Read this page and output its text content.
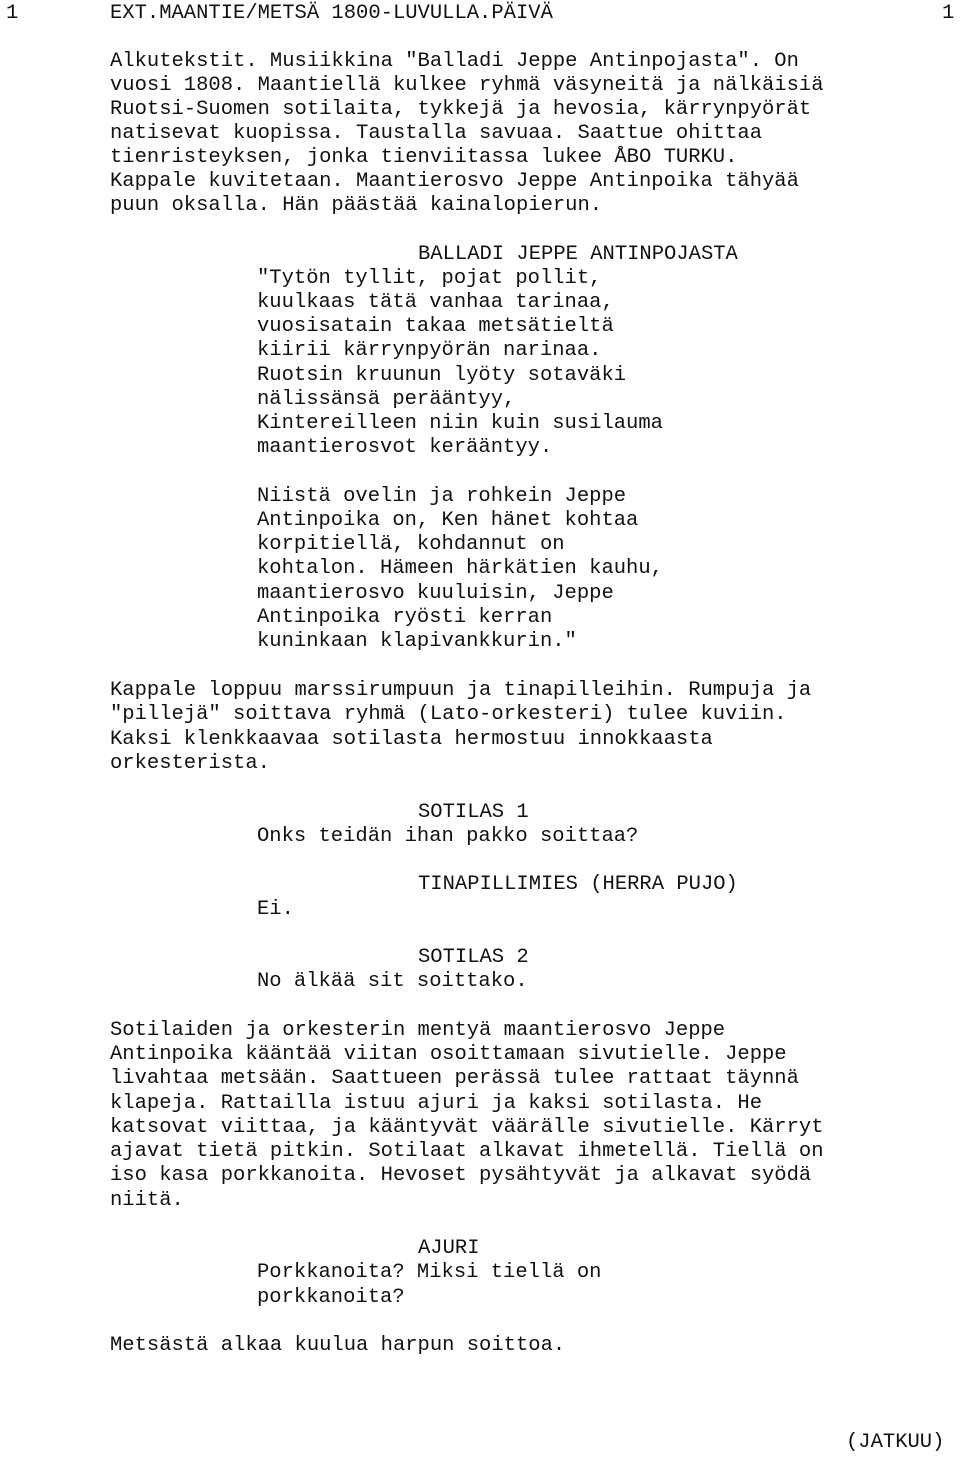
1	EXT.MAANTIE/METSÄ 1800-LUVULLA.PÄIVÄ	1
Alkutekstit. Musiikkina "Balladi Jeppe Antinpojasta". On
vuosi 1808. Maantiellä kulkee ryhmä väsyneitä ja nälkäisiä
Ruotsi-Suomen sotilaita, tykkejä ja hevosia, kärrynpyörät
natisevat kuopissa. Taustalla savuaa. Saattue ohittaa
tienristeyksen, jonka tienviitassa lukee ÅBO TURKU.
Kappale kuvitetaan. Maantierosvo Jeppe Antinpoika tähyää
puun oksalla. Hän päästää kainalopierun.
BALLADI JEPPE ANTINPOJASTA
"Tytön tyllit, pojat pollit,
kuulkaas tätä vanhaa tarinaa,
vuosisatain takaa metsätieltä
kiirii kärrynpyörän narinaa.
Ruotsin kruunun lyöty sotaväki
nälissänsä perääntyy,
Kintereilleen niin kuin susilauma
maantierosvot kerääntyy.
Niistä ovelin ja rohkein Jeppe
Antinpoika on, Ken hänet kohtaa
korpitiellä, kohdannut on
kohtalon. Hämeen härkätien kauhu,
maantierosvo kuuluisin, Jeppe
Antinpoika ryösti kerran
kuninkaan klapivankkurin."
Kappale loppuu marssirumpuun ja tinapilleihin. Rumpuja ja
"pillejä" soittava ryhmä (Lato-orkesteri) tulee kuviin.
Kaksi klenkkaavaa sotilasta hermostuu innokkaasta
orkesterista.
SOTILAS 1
Onks teidän ihan pakko soittaa?
TINAPILLIMIES (HERRA PUJO)
Ei.
SOTILAS 2
No älkää sit soittako.
Sotilaiden ja orkesterin mentyä maantierosvo Jeppe
Antinpoika kääntää viitan osoittamaan sivutielle. Jeppe
livahtaa metsään. Saattueen perässä tulee rattaat täynnä
klapeja. Rattailla istuu ajuri ja kaksi sotilasta. He
katsovat viittaa, ja kääntyvät väärälle sivutielle. Kärryt
ajavat tietä pitkin. Sotilaat alkavat ihmetellä. Tiellä on
iso kasa porkkanoita. Hevoset pysähtyvät ja alkavat syödä
niitä.
AJURI
Porkkanoita? Miksi tiellä on
porkkanoita?
Metsästä alkaa kuulua harpun soittoa.
(JATKUU)
